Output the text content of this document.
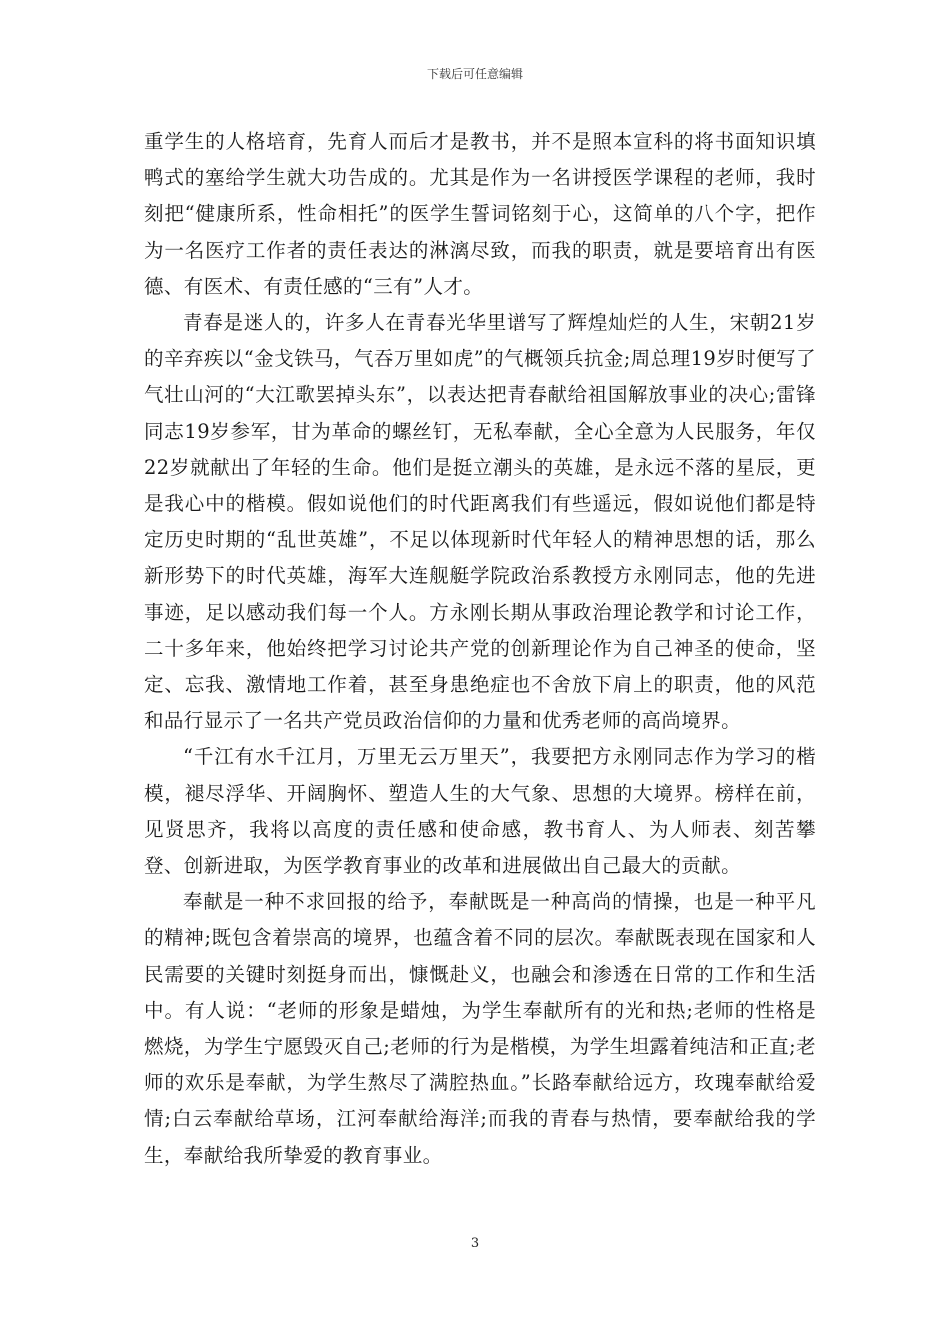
下载后可任意编辑

重学生的人格培育，先育人而后才是教书，并不是照本宣科的将书面知识填鸭式的塞给学生就大功告成的。尤其是作为一名讲授医学课程的老师，我时刻把“健康所系，性命相托”的医学生誓词铭刻于心，这简单的八个字，把作为一名医疗工作者的责任表达的淋漓尽致，而我的职责，就是要培育出有医德、有医术、有责任感的“三有”人才。

青春是迷人的，许多人在青春光华里谱写了辉煌灿烂的人生，宋朝21岁的辛弃疾以“金戈铁马，气吞万里如虎”的气概领兵抗金;周总理19岁时便写了气壮山河的“大江歌罢掉头东”，以表达把青春献给祖国解放事业的决心;雷锋同志19岁参军，甘为革命的螺丝钉，无私奉献，全心全意为人民服务，年仅22岁就献出了年轻的生命。他们是挺立潮头的英雄，是永远不落的星辰，更是我心中的楷模。假如说他们的时代距离我们有些遥远，假如说他们都是特定历史时期的“乱世英雄”，不足以体现新时代年轻人的精神思想的话，那么新形势下的时代英雄，海军大连舰艇学院政治系教授方永刚同志，他的先进事迹，足以感动我们每一个人。方永刚长期从事政治理论教学和讨论工作，二十多年来，他始终把学习讨论共产党的创新理论作为自己神圣的使命，坚定、忘我、激情地工作着，甚至身患绝症也不舍放下肩上的职责，他的风范和品行显示了一名共产党员政治信仰的力量和优秀老师的高尚境界。

“千江有水千江月，万里无云万里天”，我要把方永刚同志作为学习的楷模，褪尽浮华、开阔胸怀、塑造人生的大气象、思想的大境界。榜样在前，见贤思齐，我将以高度的责任感和使命感，教书育人、为人师表、刻苦攀登、创新进取，为医学教育事业的改革和进展做出自己最大的贡献。

奉献是一种不求回报的给予，奉献既是一种高尚的情操，也是一种平凡的精神;既包含着崇高的境界，也蕴含着不同的层次。奉献既表现在国家和人民需要的关键时刻挺身而出，慷慨赴义，也融会和渗透在日常的工作和生活中。有人说：“老师的形象是蜡烛，为学生奉献所有的光和热;老师的性格是燃烧，为学生宁愿毁灭自己;老师的行为是楷模，为学生坦露着纯洁和正直;老师的欢乐是奉献，为学生熬尽了满腔热血。”长路奉献给远方，玫瑰奉献给爱情;白云奉献给草场，江河奉献给海洋;而我的青春与热情，要奉献给我的学生，奉献给我所挚爱的教育事业。

3
